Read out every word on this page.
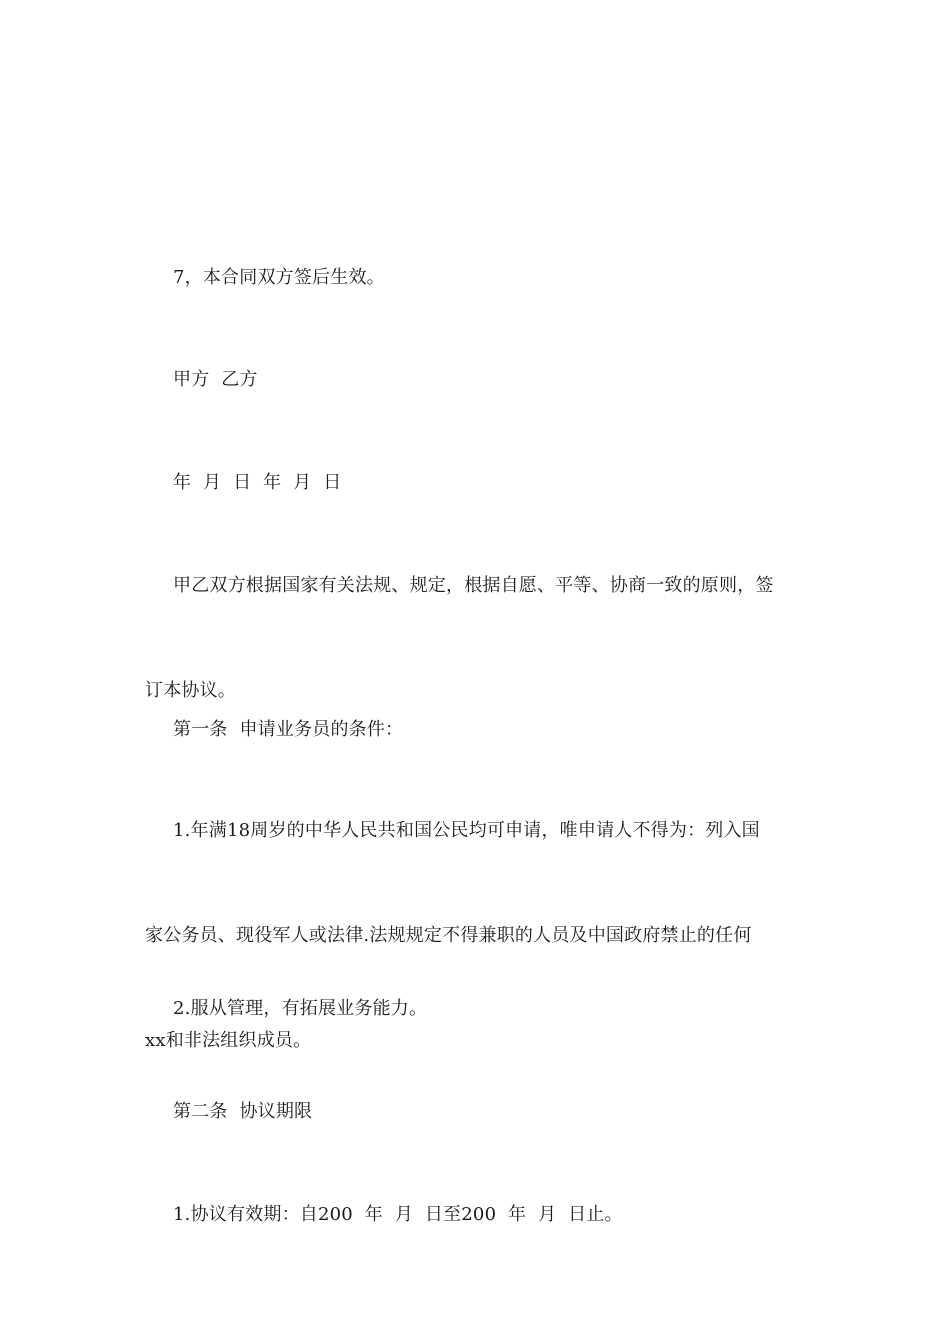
7，本合同双方签后生效。

甲方  乙方

年  月  日  年  月  日

甲乙双方根据国家有关法规、规定，根据自愿、平等、协商一致的原则，签

订本协议。

第一条  申请业务员的条件：

1.年满18周岁的中华人民共和国公民均可申请，唯申请人不得为：列入国

家公务员、现役军人或法律.法规规定不得兼职的人员及中国政府禁止的任何

xx和非法组织成员。

2.服从管理，有拓展业务能力。

第二条  协议期限

1.协议有效期：自200  年  月  日至200  年  月  日止。
